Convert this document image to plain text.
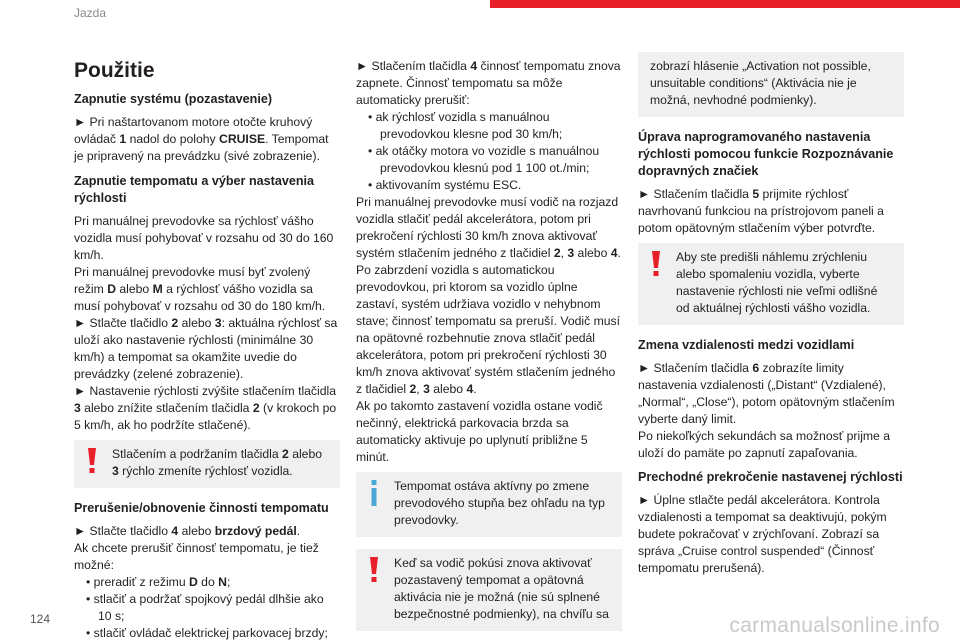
Jazda
Použitie
Zapnutie systému (pozastavenie)

► Pri naštartovanom motore otočte kruhový ovládač 1 nadol do polohy CRUISE. Tempomat je pripravený na prevádzku (sivé zobrazenie).

Zapnutie tempomatu a výber nastavenia rýchlosti

Pri manuálnej prevodovke sa rýchlosť vášho vozidla musí pohybovať v rozsahu od 30 do 160 km/h.

Pri manuálnej prevodovke musí byť zvolený režim D alebo M a rýchlosť vášho vozidla sa musí pohybovať v rozsahu od 30 do 180 km/h.

► Stlačte tlačidlo 2 alebo 3: aktuálna rýchlosť sa uloží ako nastavenie rýchlosti (minimálne 30 km/h) a tempomat sa okamžite uvedie do prevádzky (zelené zobrazenie).

► Nastavenie rýchlosti zvýšite stlačením tlačidla 3 alebo znížite stlačením tlačidla 2 (v krokoch po 5 km/h, ak ho podržíte stlačené).

Stlačením a podržaním tlačidla 2 alebo 3 rýchlo zmeníte rýchlosť vozidla.

Prerušenie/obnovenie činnosti tempomatu

► Stlačte tlačidlo 4 alebo brzdový pedál.

Ak chcete prerušiť činnosť tempomatu, je tiež možné:

• preradiť z režimu D do N;

• stlačiť a podržať spojkový pedál dlhšie ako 10 s;

• stlačiť ovládač elektrickej parkovacej brzdy;

► Stlačením tlačidla 4 činnosť tempomatu znova zapnete. Činnosť tempomatu sa môže automaticky prerušiť:

• ak rýchlosť vozidla s manuálnou prevodovkou klesne pod 30 km/h;

• ak otáčky motora vo vozidle s manuálnou prevodovkou klesnú pod 1 100 ot./min;

• aktivovaním systému ESC.

Pri manuálnej prevodovke musí vodič na rozjazd vozidla stlačiť pedál akcelerátora, potom pri prekročení rýchlosti 30 km/h znova aktivovať systém stlačením jedného z tlačidiel 2, 3 alebo 4.

Po zabrzdení vozidla s automatickou prevodovkou, pri ktorom sa vozidlo úplne zastaví, systém udržiava vozidlo v nehybnom stave; činnosť tempomatu sa preruší. Vodič musí na opätovné rozbehnutie znova stlačiť pedál akcelerátora, potom pri prekročení rýchlosti 30 km/h znova aktivovať systém stlačením jedného z tlačidiel 2, 3 alebo 4.

Ak po takomto zastavení vozidla ostane vodič nečinný, elektrická parkovacia brzda sa automaticky aktivuje po uplynutí približne 5 minút.

Tempomat ostáva aktívny po zmene prevodového stupňa bez ohľadu na typ prevodovky.

Keď sa vodič pokúsi znova aktivovať pozastavený tempomat a opätovná aktivácia nie je možná (nie sú splnené bezpečnostné podmienky), na chvíľu sa

zobrazí hlásenie „Activation not possible, unsuitable conditions“ (Aktivácia nie je možná, nevhodné podmienky).

Úprava naprogramovaného nastavenia rýchlosti pomocou funkcie Rozpoznávanie dopravných značiek

► Stlačením tlačidla 5 prijmite rýchlosť navrhovanú funkciou na prístrojovom paneli a potom opätovným stlačením výber potvrďte.

Aby ste predišli náhlemu zrýchleniu alebo spomaleniu vozidla, vyberte nastavenie rýchlosti nie veľmi odlišné od aktuálnej rýchlosti vášho vozidla.

Zmena vzdialenosti medzi vozidlami

► Stlačením tlačidla 6 zobrazíte limity nastavenia vzdialenosti („Distant“ (Vzdialené), „Normal“, „Close“), potom opätovným stlačením vyberte daný limit.

Po niekoľkých sekundách sa možnosť prijme a uloží do pamäte po zapnutí zapaľovania.

Prechodné prekročenie nastavenej rýchlosti

► Úplne stlačte pedál akcelerátora. Kontrola vzdialenosti a tempomat sa deaktivujú, pokým budete pokračovať v zrýchľovaní. Zobrazí sa správa „Cruise control suspended“ (Činnosť tempomatu prerušená).

124	carmanualsonline.info
